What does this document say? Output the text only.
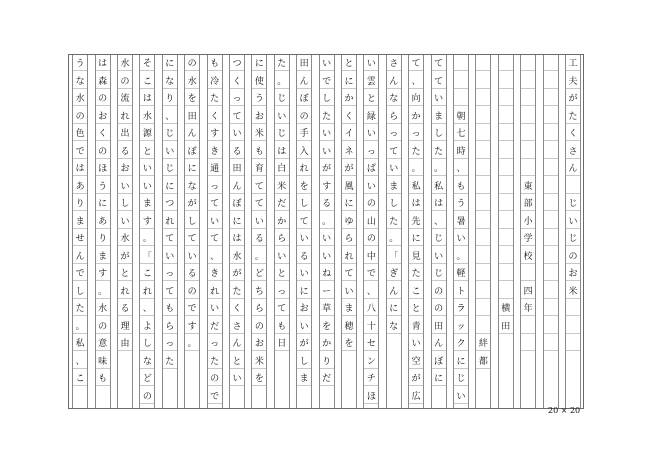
工
夫
が
た
く
さ
ん
じ
い
じ
の
お
米
東
部
小
学
校
四
年
横
田
絆
都
朝
七
時
、
も
う
暑
い
。
軽
ト
ラ
ッ
ク
に
じ
い
て
て
い
ま
し
た
。
私
は
、
じ
い
じ
の
の
田
ん
ぼ
に
て
、
向
か
っ
た
。
私
は
先
に
見
た
こ
と
青
い
空
が
広
さ
ん
な
ら
っ
て
い
ま
し
た
。
「
ぎ
ん
に
な
い
雲
と
緑
い
っ
ぱ
い
の
山
の
中
で
、
八
十
セ
ン
チ
ほ
と
に
か
く
イ
ネ
が
風
に
ゆ
ら
れ
て
い
ま
穂
を
い
で
し
た
い
い
が
す
る
。
い
い
ね
ー
草
を
か
り
だ
田
ん
ぼ
の
手
入
れ
を
し
て
い
る
い
に
お
い
が
し
ま
た
。
じ
い
じ
は
白
米
だ
か
ら
い
と
っ
て
も
日
に
使
う
お
米
も
育
て
て
い
る
。
ど
ち
ら
の
お
米
を
つ
く
っ
て
い
る
田
ん
ぼ
に
は
水
が
た
く
さ
ん
と
い
も
冷
た
く
す
き
通
っ
て
い
て
、
き
れ
い
だ
っ
た
の
で
の
水
を
田
ん
ぼ
に
な
が
し
て
い
る
の
で
す
。
に
な
り
、
じ
い
じ
に
つ
れ
て
い
っ
て
も
ら
っ
た
そ
こ
は
水
源
と
い
い
ま
す
。
「
こ
れ
、
よ
し
な
ど
の
水
の
流
れ
出
る
お
い
し
い
水
が
と
れ
る
理
由
は
森
の
お
く
の
ほ
う
に
あ
り
ま
す
。
水
の
意
味
も
う
な
水
の
色
で
は
あ
り
ま
せ
ん
で
し
た
。
私
、
こ
20 × 20
